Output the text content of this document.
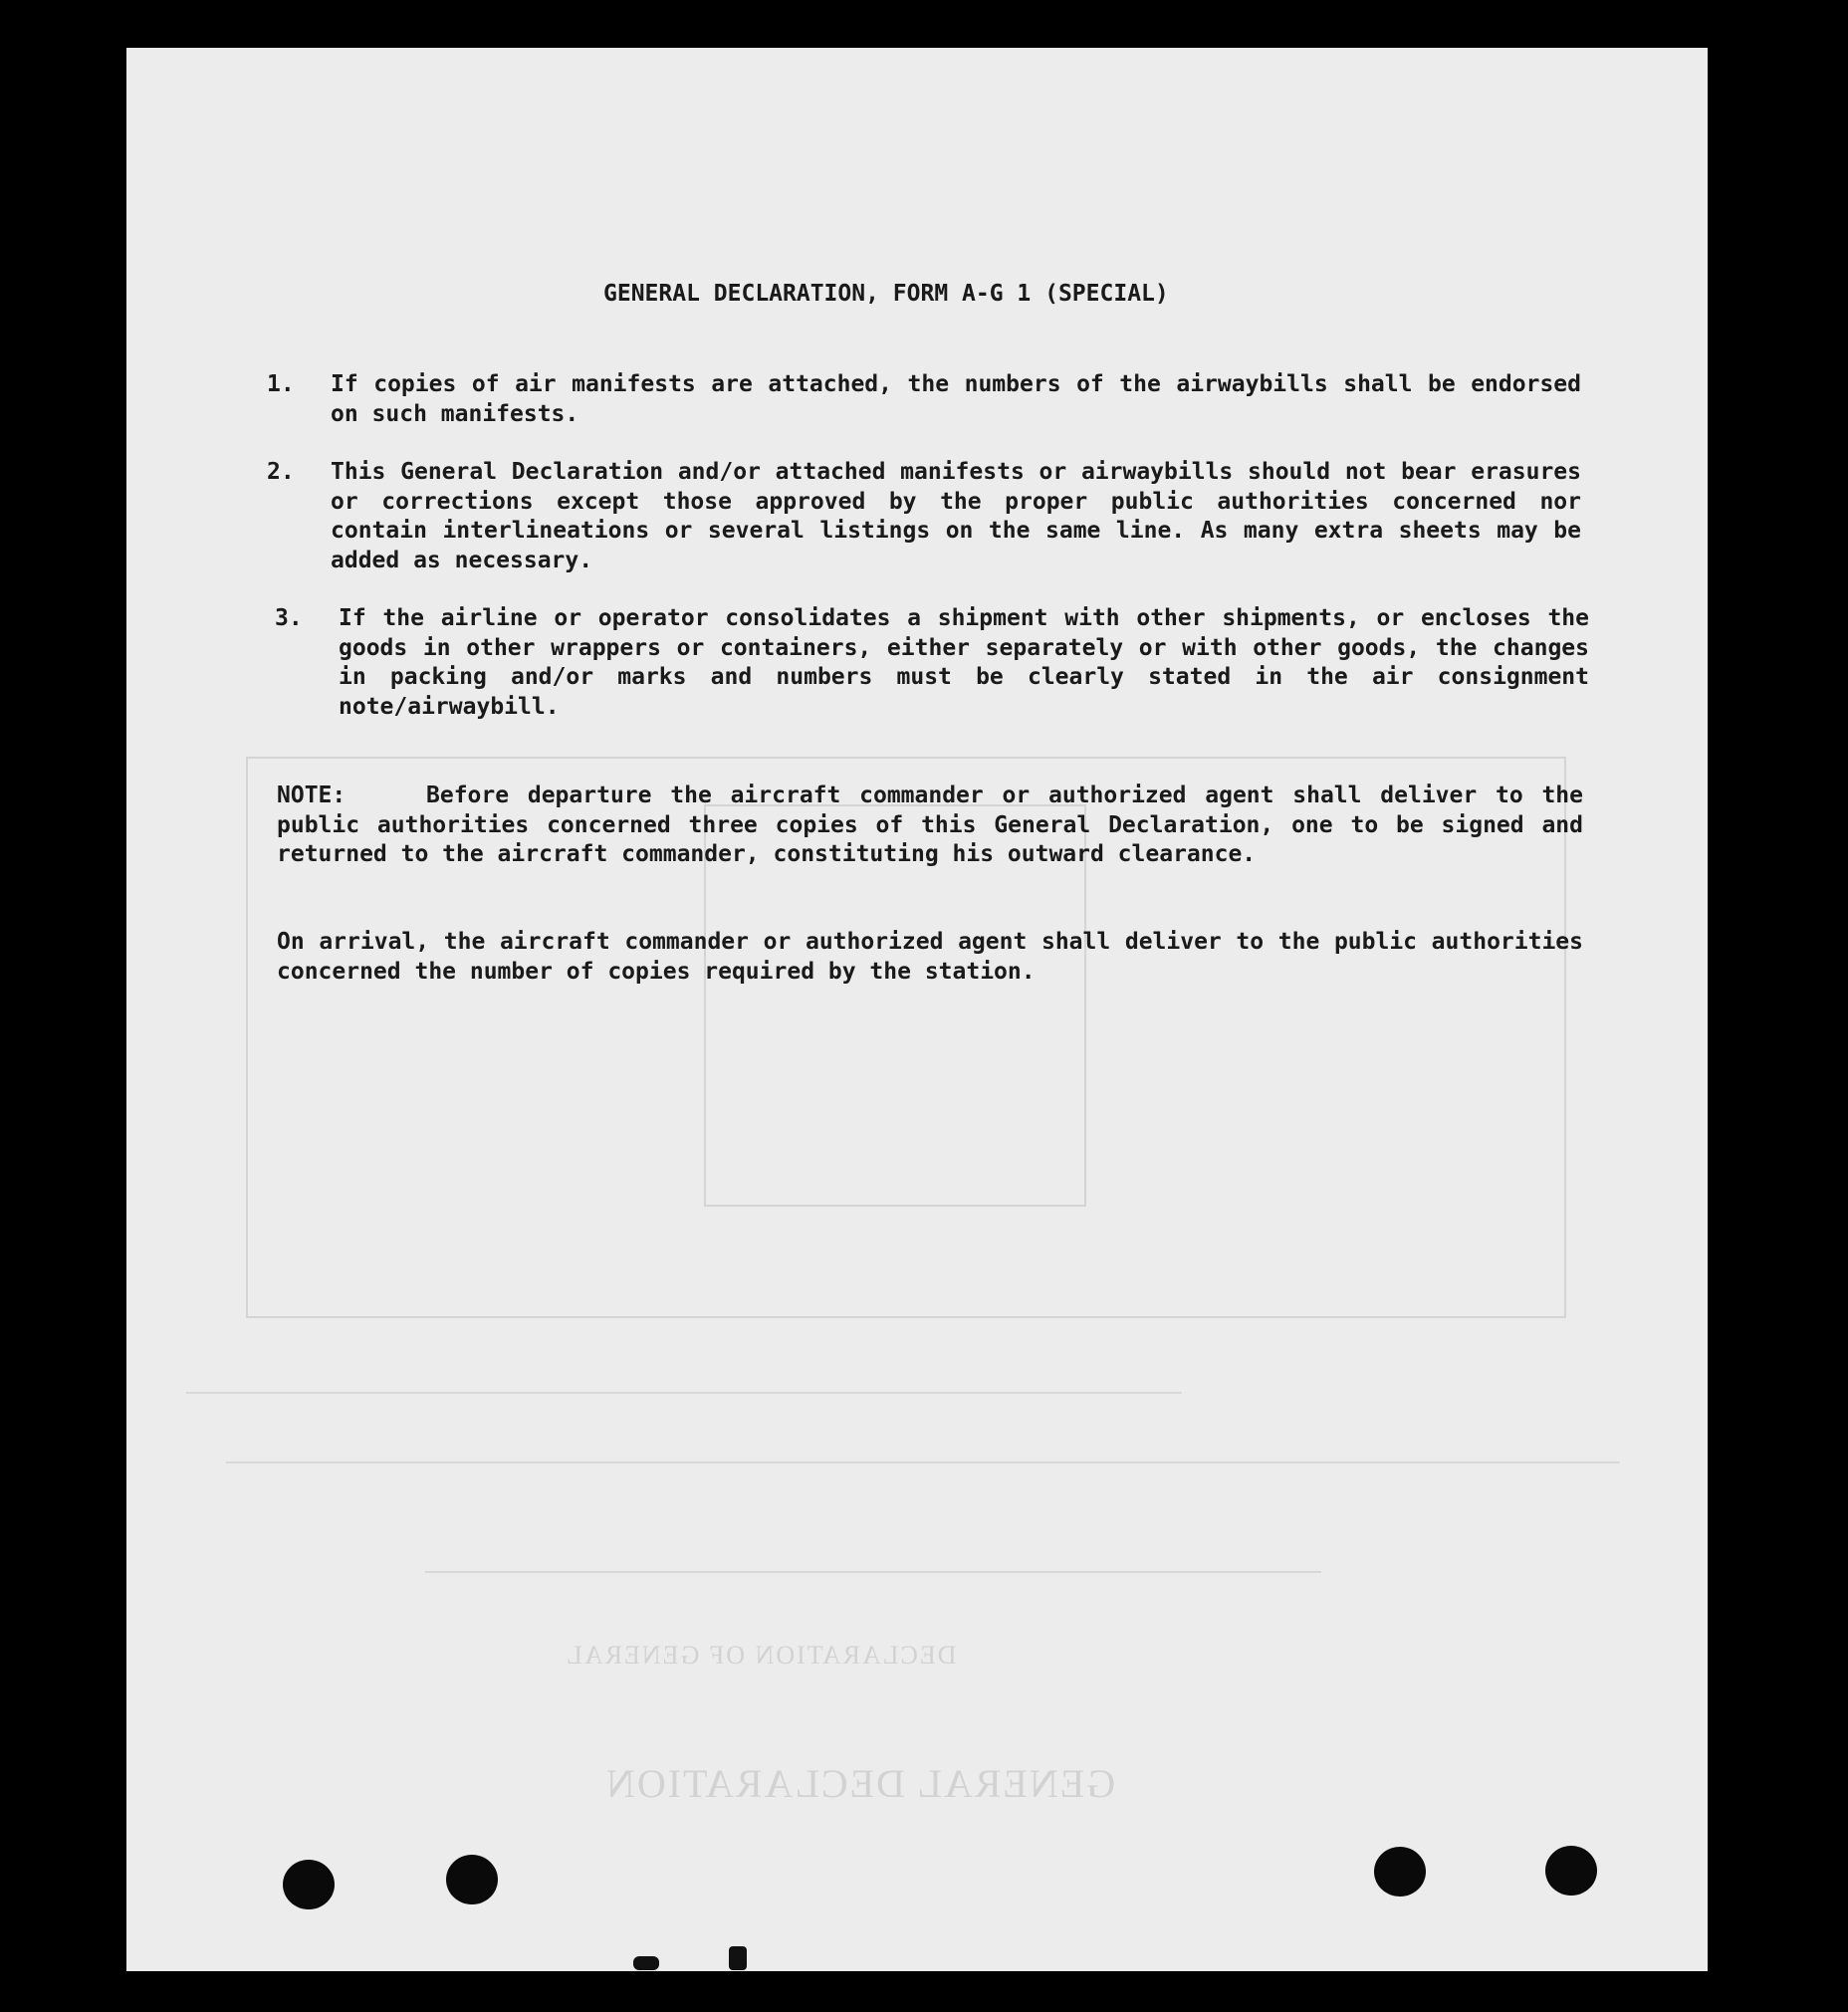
DECLARATION OF GENERAL
GENERAL DECLARATION
GENERAL DECLARATION, FORM A-G 1 (SPECIAL)
1. If copies of air manifests are attached, the numbers of the airwaybills shall be endorsed on such manifests.
2. This General Declaration and/or attached manifests or airwaybills should not bear erasures or corrections except those approved by the proper public authorities concerned nor contain interlineations or several listings on the same line. As many extra sheets may be added as necessary.
3. If the airline or operator consolidates a shipment with other shipments, or encloses the goods in other wrappers or containers, either separately or with other goods, the changes in packing and/or marks and numbers must be clearly stated in the air consignment note/airwaybill.
NOTE:	Before departure the aircraft commander or authorized agent shall deliver to the public authorities concerned three copies of this General Declaration, one to be signed and returned to the aircraft commander, constituting his outward clearance.
On arrival, the aircraft commander or authorized agent shall deliver to the public authorities concerned the number of copies required by the station.
